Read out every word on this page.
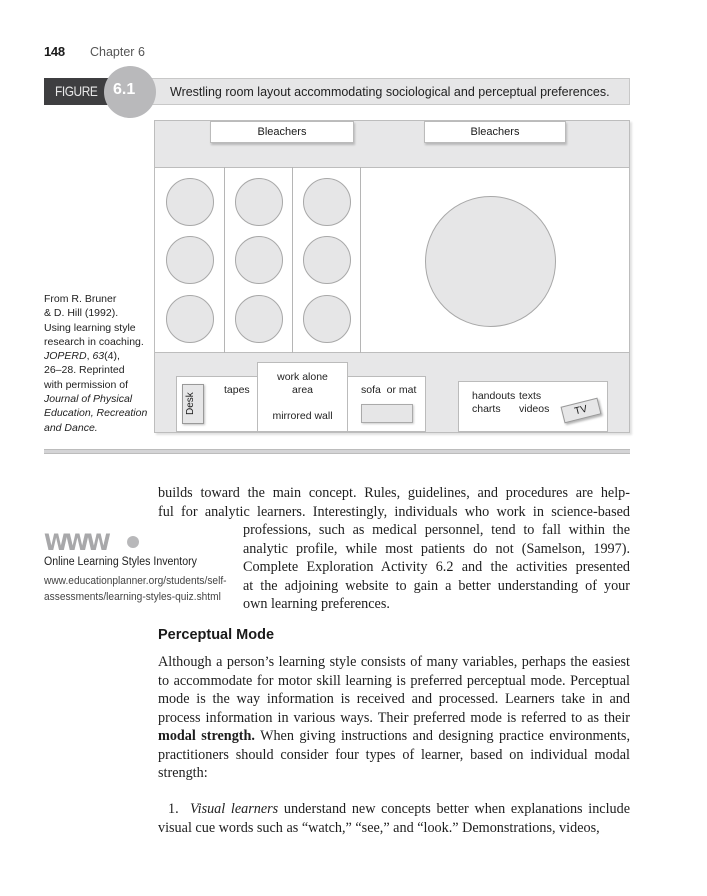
148 Chapter 6
FIGURE 6.1	Wrestling room layout accommodating sociological and perceptual preferences.
Bleachers	Bleachers
Desk
tapes
work alone
area
mirrored wall
sofa  or mat	handouts texts
charts videos	TV
From R. Bruner
& D. Hill (1992).
Using learning style
research in coaching.
JOPERD, 63(4),
26–28. Reprinted
with permission of
Journal of Physical
Education, Recreation
and Dance.
builds toward the main concept. Rules, guidelines, and procedures are help-
ful for analytic learners. Interestingly, individuals who work in science-based
professions, such as medical personnel, tend to fall within the
analytic profile, while most patients do not (Samelson, 1997).
Complete Exploration Activity 6.2 and the activities presented
at the adjoining website to gain a better understanding of your
own learning preferences.
WWW
Online Learning Styles Inventory
www.educationplanner.org/students/self-
assessments/learning-styles-quiz.shtml
Perceptual Mode
Although a person’s learning style consists of many variables, perhaps the easiest to accommodate for motor skill learning is preferred perceptual mode. Perceptual mode is the way information is received and processed. Learners take in and process information in various ways. Their preferred mode is referred to as their modal strength. When giving instructions and designing practice environments, practitioners should consider four types of learner, based on individual modal strength:
1. Visual learners understand new concepts better when explanations include visual cue words such as “watch,” “see,” and “look.” Demonstrations, videos,
